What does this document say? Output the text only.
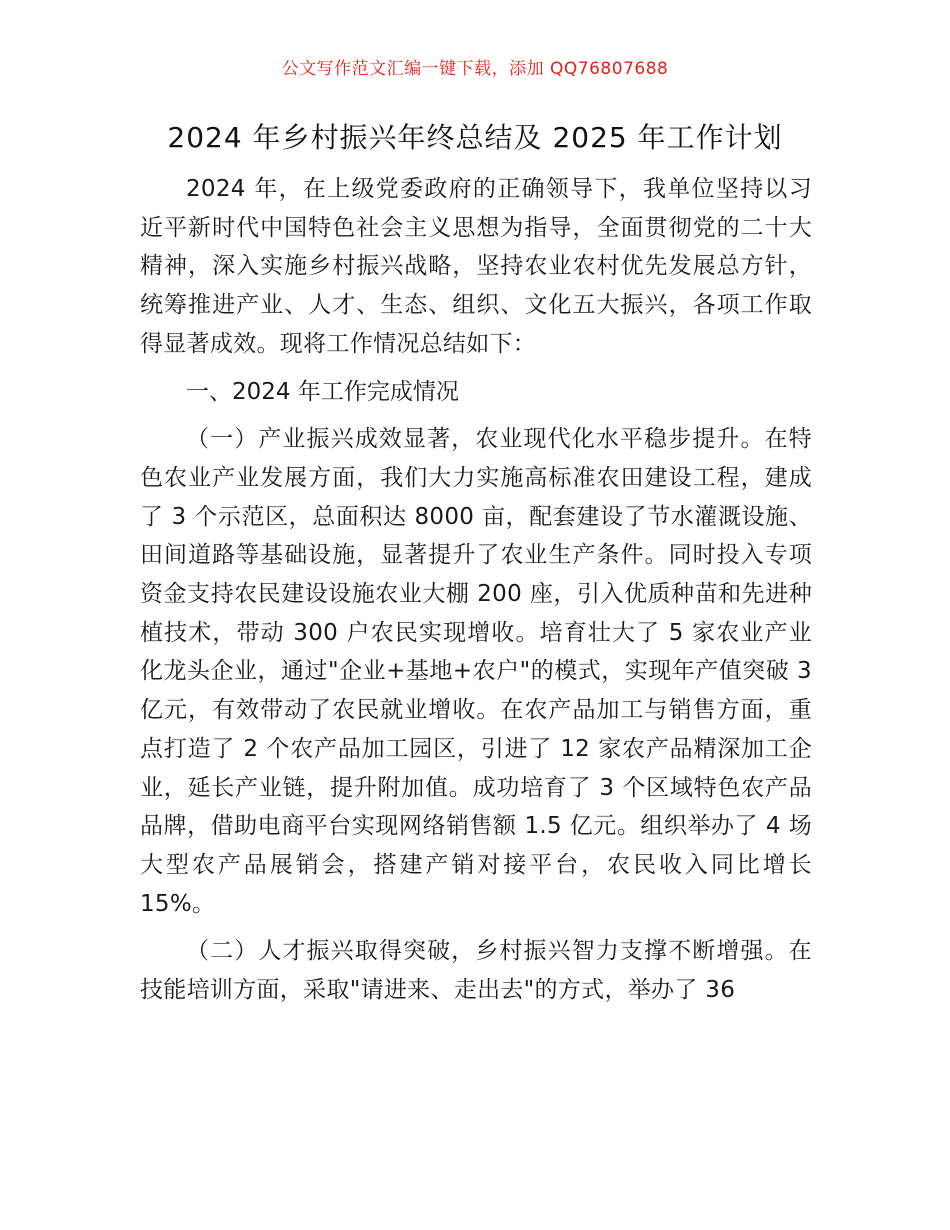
公文写作范文汇编一键下载，添加 QQ76807688
2024 年乡村振兴年终总结及 2025 年工作计划

2024 年，在上级党委政府的正确领导下，我单位坚持以习近平新时代中国特色社会主义思想为指导，全面贯彻党的二十大精神，深入实施乡村振兴战略，坚持农业农村优先发展总方针，统筹推进产业、人才、生态、组织、文化五大振兴，各项工作取得显著成效。现将工作情况总结如下：

一、2024 年工作完成情况

（一）产业振兴成效显著，农业现代化水平稳步提升。在特色农业产业发展方面，我们大力实施高标准农田建设工程，建成了 3 个示范区，总面积达 8000 亩，配套建设了节水灌溉设施、田间道路等基础设施，显著提升了农业生产条件。同时投入专项资金支持农民建设设施农业大棚 200 座，引入优质种苗和先进种植技术，带动 300 户农民实现增收。培育壮大了 5 家农业产业化龙头企业，通过"企业+基地+农户"的模式，实现年产值突破 3 亿元，有效带动了农民就业增收。在农产品加工与销售方面，重点打造了 2 个农产品加工园区，引进了 12 家农产品精深加工企业，延长产业链，提升附加值。成功培育了 3 个区域特色农产品品牌，借助电商平台实现网络销售额 1.5 亿元。组织举办了 4 场大型农产品展销会，搭建产销对接平台，农民收入同比增长 15%。

（二）人才振兴取得突破，乡村振兴智力支撑不断增强。在技能培训方面，采取"请进来、走出去"的方式，举办了 36
